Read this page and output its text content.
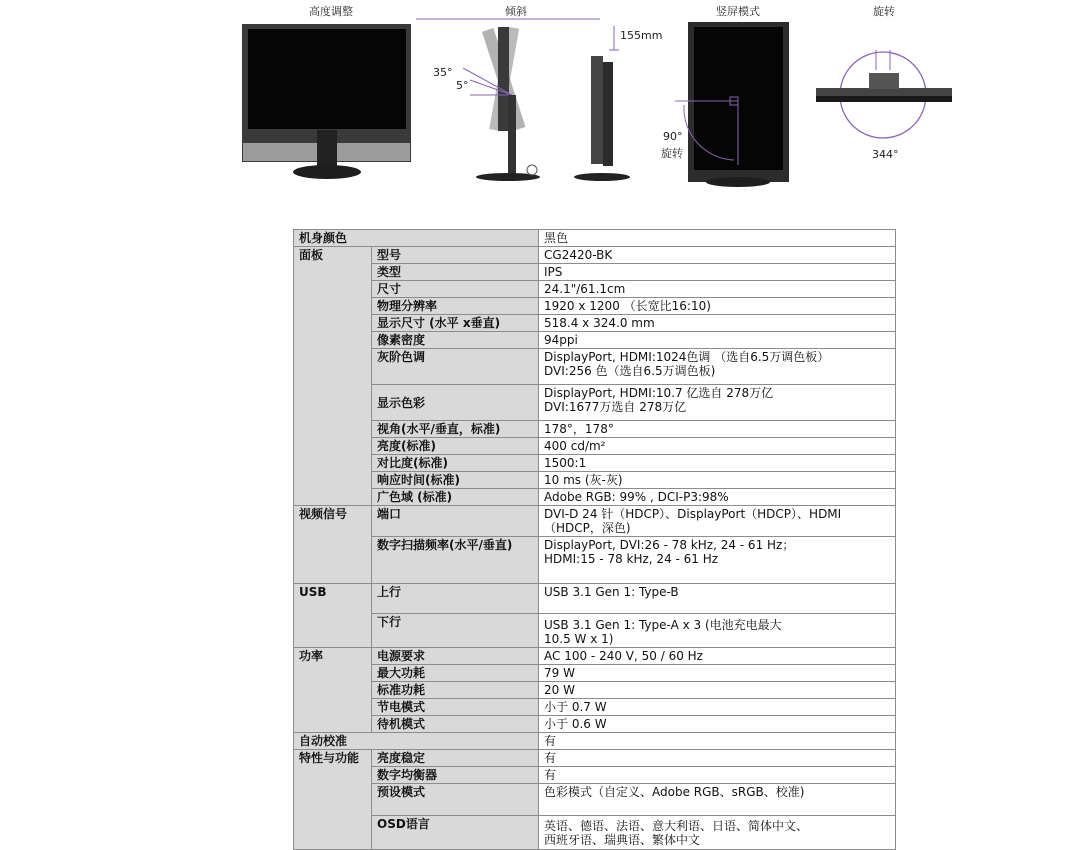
高度调整	倾斜	竖屏模式	旋转
155mm
35°
5°
90°
旋转	344°
机身颜色		黑色
面板	型号	CG2420-BK
	类型	IPS
	尺寸	24.1"/61.1cm
	物理分辨率	1920 x 1200 （长宽比16:10)
	显示尺寸 (水平 x垂直)	518.4 x 324.0 mm
	像素密度	94ppi
	灰阶色调	DisplayPort, HDMI:1024色调 （选自6.5万调色板）
DVI:256 色（选自6.5万调色板)
	显示色彩	DisplayPort, HDMI:10.7 亿选自 278万亿
DVI:1677万选自 278万亿
	视角(水平/垂直，标准)	178°，178°
	亮度(标准)	400 cd/m²
	对比度(标准)	1500:1
	响应时间(标准)	10 ms (灰-灰)
	广色域 (标准)	Adobe RGB: 99% , DCI-P3:98%
视频信号	端口	DVI-D 24 针（HDCP）、DisplayPort（HDCP）、HDMI
（HDCP，深色)
	数字扫描频率(水平/垂直)	DisplayPort, DVI:26 - 78 kHz, 24 - 61 Hz；
HDMI:15 - 78 kHz, 24 - 61 Hz
USB	上行	USB 3.1 Gen 1: Type-B
	下行	USB 3.1 Gen 1: Type-A x 3 (电池充电最大
10.5 W x 1)
功率	电源要求	AC 100 - 240 V, 50 / 60 Hz
	最大功耗	79 W
	标准功耗	20 W
	节电模式	小于 0.7 W
	待机模式	小于 0.6 W
自动校准		有
特性与功能	亮度稳定	有
	数字均衡器	有
	预设模式	色彩模式（自定义、Adobe RGB、sRGB、校准)
	OSD语言	英语、德语、法语、意大利语、日语、简体中文、
西班牙语、瑞典语、繁体中文
